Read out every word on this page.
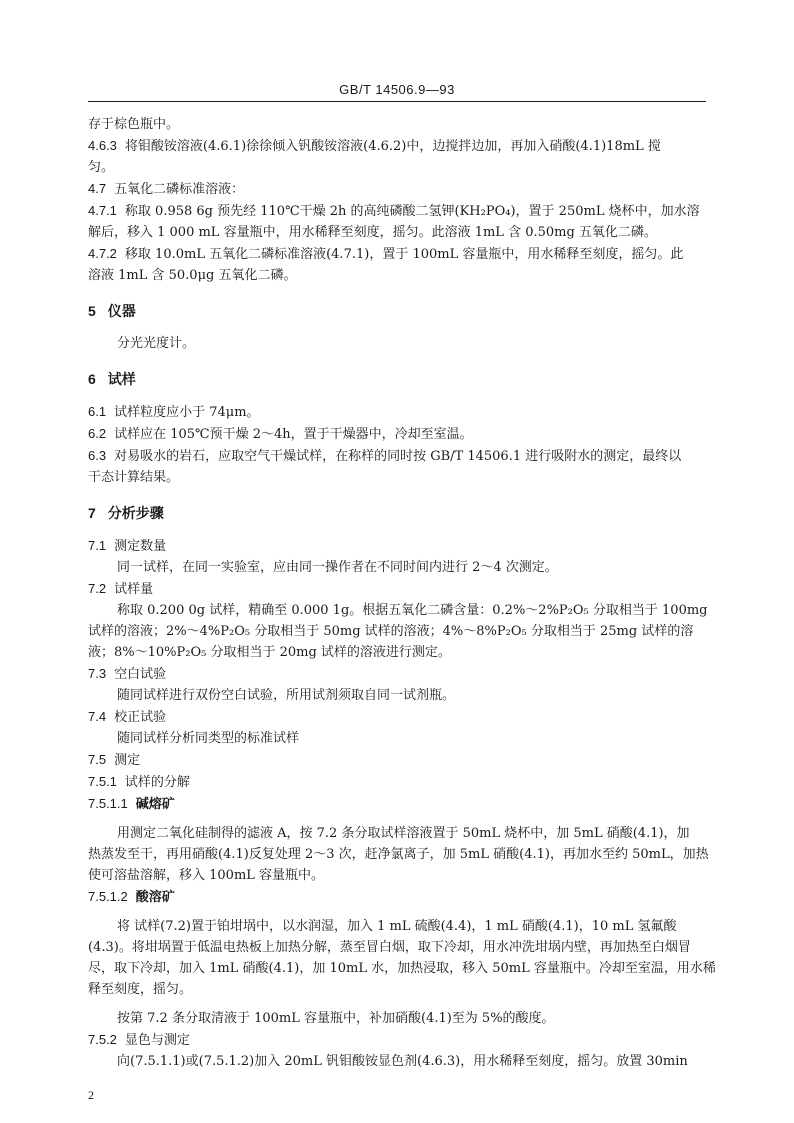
GB/T 14506.9—93
存于棕色瓶中。
4.6.3 将钼酸铵溶液(4.6.1)徐徐倾入钒酸铵溶液(4.6.2)中，边搅拌边加，再加入硝酸(4.1)18mL 搅
匀。
4.7 五氧化二磷标准溶液：
4.7.1 称取 0.958 6g 预先经 110℃干燥 2h 的高纯磷酸二氢钾(KH₂PO₄)，置于 250mL 烧杯中，加水溶
解后，移入 1 000 mL 容量瓶中，用水稀释至刻度，摇匀。此溶液 1mL 含 0.50mg 五氧化二磷。
4.7.2 移取 10.0mL 五氧化二磷标准溶液(4.7.1)，置于 100mL 容量瓶中，用水稀释至刻度，摇匀。此
溶液 1mL 含 50.0μg 五氧化二磷。
5 仪器
分光光度计。
6 试样
6.1 试样粒度应小于 74μm。
6.2 试样应在 105℃预干燥 2～4h，置于干燥器中，冷却至室温。
6.3 对易吸水的岩石，应取空气干燥试样，在称样的同时按 GB/T 14506.1 进行吸附水的测定，最终以
干态计算结果。
7 分析步骤
7.1 测定数量
同一试样，在同一实验室，应由同一操作者在不同时间内进行 2～4 次测定。
7.2 试样量
称取 0.200 0g 试样，精确至 0.000 1g。根据五氧化二磷含量：0.2%～2%P₂O₅ 分取相当于 100mg
试样的溶液；2%～4%P₂O₅ 分取相当于 50mg 试样的溶液；4%～8%P₂O₅ 分取相当于 25mg 试样的溶
液；8%～10%P₂O₅ 分取相当于 20mg 试样的溶液进行测定。
7.3 空白试验
随同试样进行双份空白试验，所用试剂须取自同一试剂瓶。
7.4 校正试验
随同试样分析同类型的标准试样
7.5 测定
7.5.1 试样的分解
7.5.1.1 碱熔矿
用测定二氧化硅制得的滤液 A，按 7.2 条分取试样溶液置于 50mL 烧杯中，加 5mL 硝酸(4.1)，加
热蒸发至干，再用硝酸(4.1)反复处理 2～3 次，赶净氯离子，加 5mL 硝酸(4.1)，再加水至约 50mL，加热
使可溶盐溶解，移入 100mL 容量瓶中。
7.5.1.2 酸溶矿
将 试样(7.2)置于铂坩埚中，以水润湿，加入 1 mL 硫酸(4.4)，1 mL 硝酸(4.1)，10 mL 氢氟酸
(4.3)。将坩埚置于低温电热板上加热分解，蒸至冒白烟，取下冷却，用水冲洗坩埚内壁，再加热至白烟冒
尽，取下冷却，加入 1mL 硝酸(4.1)，加 10mL 水，加热浸取，移入 50mL 容量瓶中。冷却至室温，用水稀
释至刻度，摇匀。
按第 7.2 条分取清液于 100mL 容量瓶中，补加硝酸(4.1)至为 5%的酸度。
7.5.2 显色与测定
向(7.5.1.1)或(7.5.1.2)加入 20mL 钒钼酸铵显色剂(4.6.3)，用水稀释至刻度，摇匀。放置 30min
2
